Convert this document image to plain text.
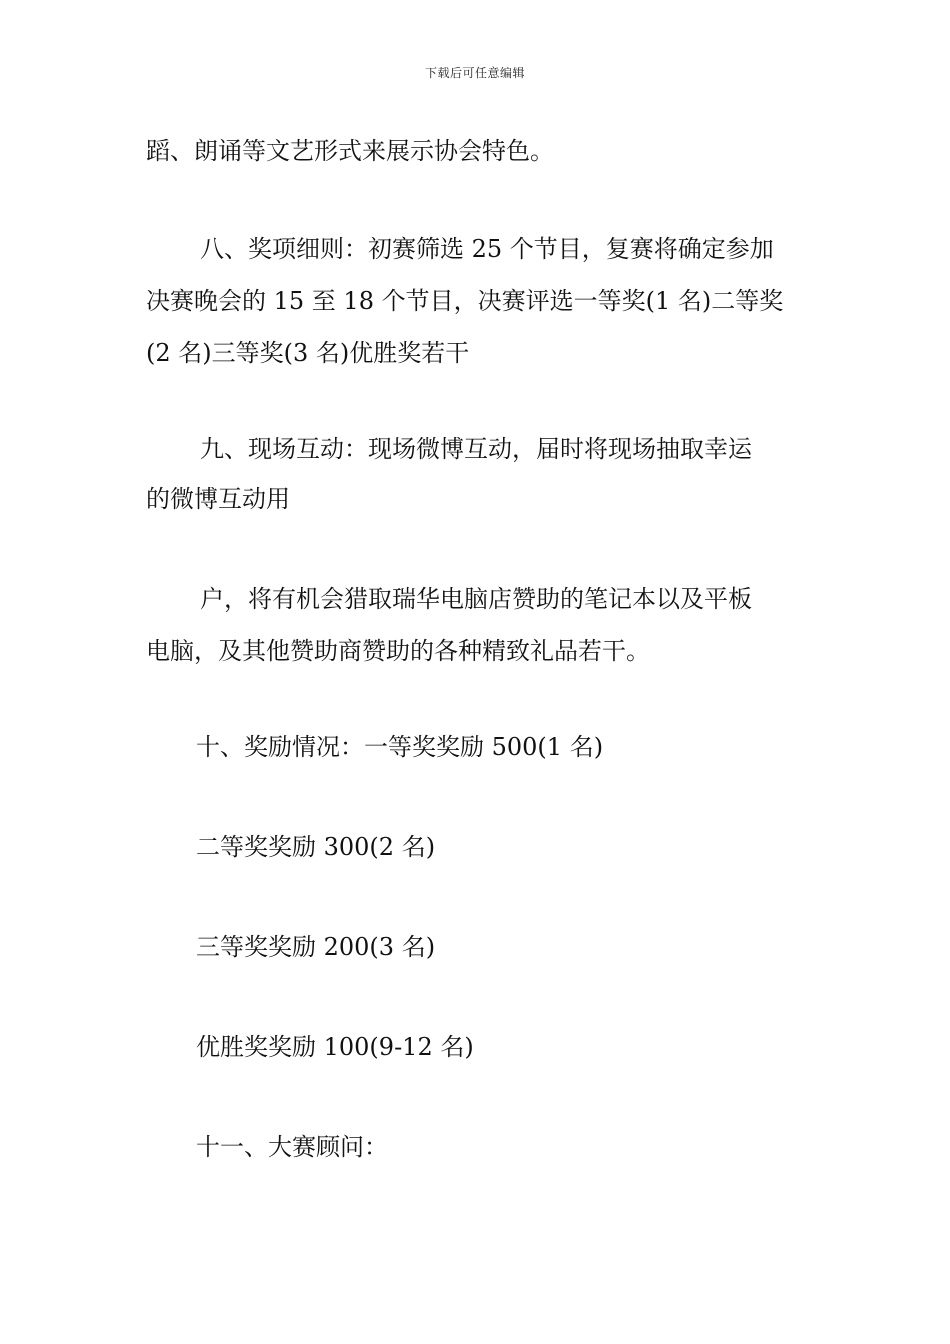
下载后可任意编辑
蹈、朗诵等文艺形式来展示协会特色。
八、奖项细则：初赛筛选 25 个节目，复赛将确定参加
决赛晚会的 15 至 18 个节目，决赛评选一等奖(1 名)二等奖
(2 名)三等奖(3 名)优胜奖若干
九、现场互动：现场微博互动，届时将现场抽取幸运
的微博互动用
户，将有机会猎取瑞华电脑店赞助的笔记本以及平板
电脑，及其他赞助商赞助的各种精致礼品若干。
十、奖励情况：一等奖奖励 500(1 名)
二等奖奖励 300(2 名)
三等奖奖励 200(3 名)
优胜奖奖励 100(9-12 名)
十一、大赛顾问：
